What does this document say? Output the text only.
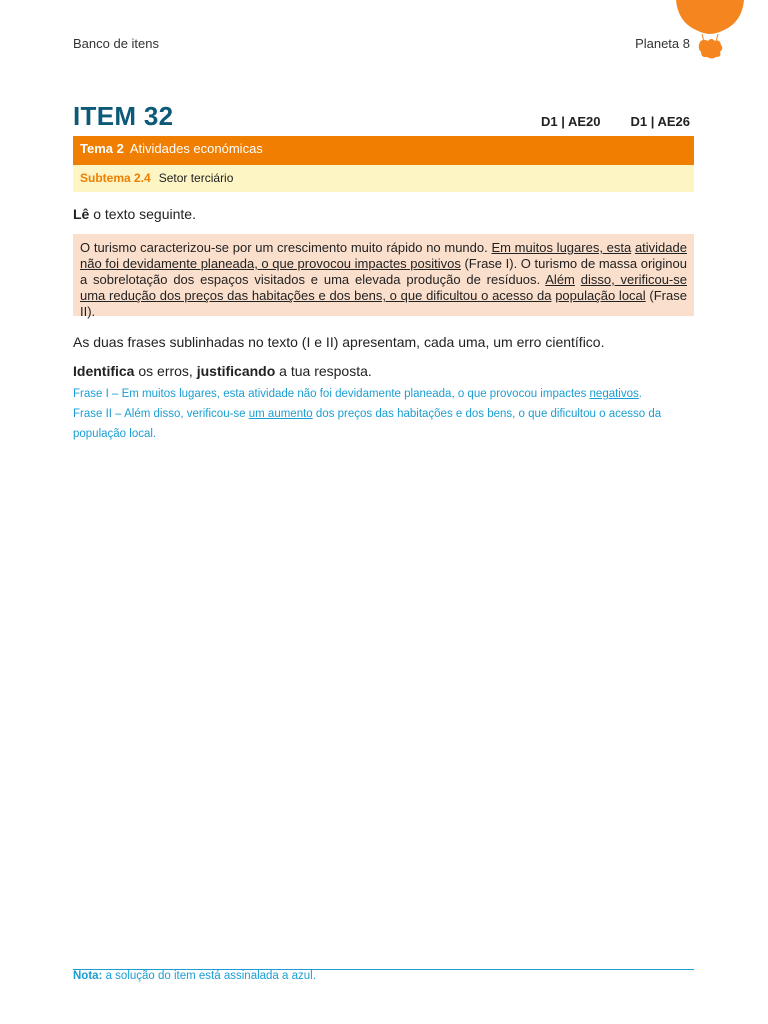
Banco de itens	Planeta 8
ITEM 32	D1 | AE20 D1 | AE26
Tema 2 Atividades económicas
Subtema 2.4 Setor terciário
Lê o texto seguinte.
O turismo caracterizou-se por um crescimento muito rápido no mundo. Em muitos lugares, esta atividade não foi devidamente planeada, o que provocou impactes positivos (Frase I). O turismo de massa originou a sobrelotação dos espaços visitados e uma elevada produção de resíduos. Além disso, verificou-se uma redução dos preços das habitações e dos bens, o que dificultou o acesso da população local (Frase II).
As duas frases sublinhadas no texto (I e II) apresentam, cada uma, um erro científico.
Identifica os erros, justificando a tua resposta.
Frase I – Em muitos lugares, esta atividade não foi devidamente planeada, o que provocou impactes negativos.
Frase II – Além disso, verificou-se um aumento dos preços das habitações e dos bens, o que dificultou o acesso da população local.
Nota: a solução do item está assinalada a azul.
